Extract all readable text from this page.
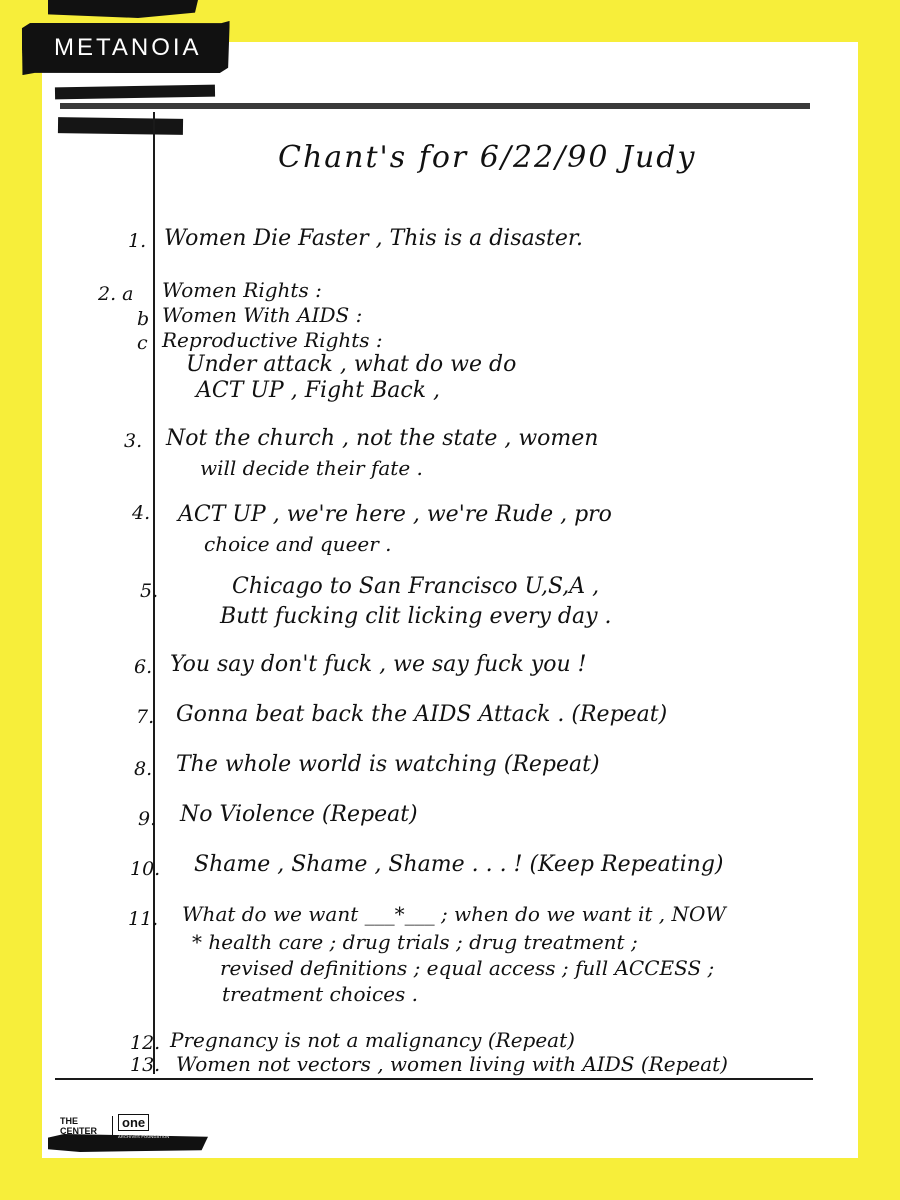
METANOIA

Chant's for 6/22/90 Judy

1. Women Die Faster , This is a disaster.

2. a Women Rights :

b Women With AIDS :

c Reproductive Rights :

Under attack , what do we do

ACT UP , Fight Back ,

3. Not the church , not the state , women

will decide their fate .

4. ACT UP , we're here , we're Rude , pro

choice and queer .

5.	Chicago to San Francisco U,S,A ,

Butt fucking clit licking every day .

6. You say don't fuck , we say fuck you !

7. Gonna beat back the AIDS Attack . (Repeat)

8. The whole world is watching (Repeat)

9. No Violence (Repeat)

10. Shame , Shame , Shame . . . ! (Keep Repeating)

11. What do we want ___*___ ; when do we want it , NOW

* health care ; drug trials ; drug treatment ;

revised definitions ; equal access ; full ACCESS ;

treatment choices .

12. Pregnancy is not a malignancy (Repeat)

13. Women not vectors , women living with AIDS (Repeat)

THE CENTER
one
ARCHIVES FOUNDATION
